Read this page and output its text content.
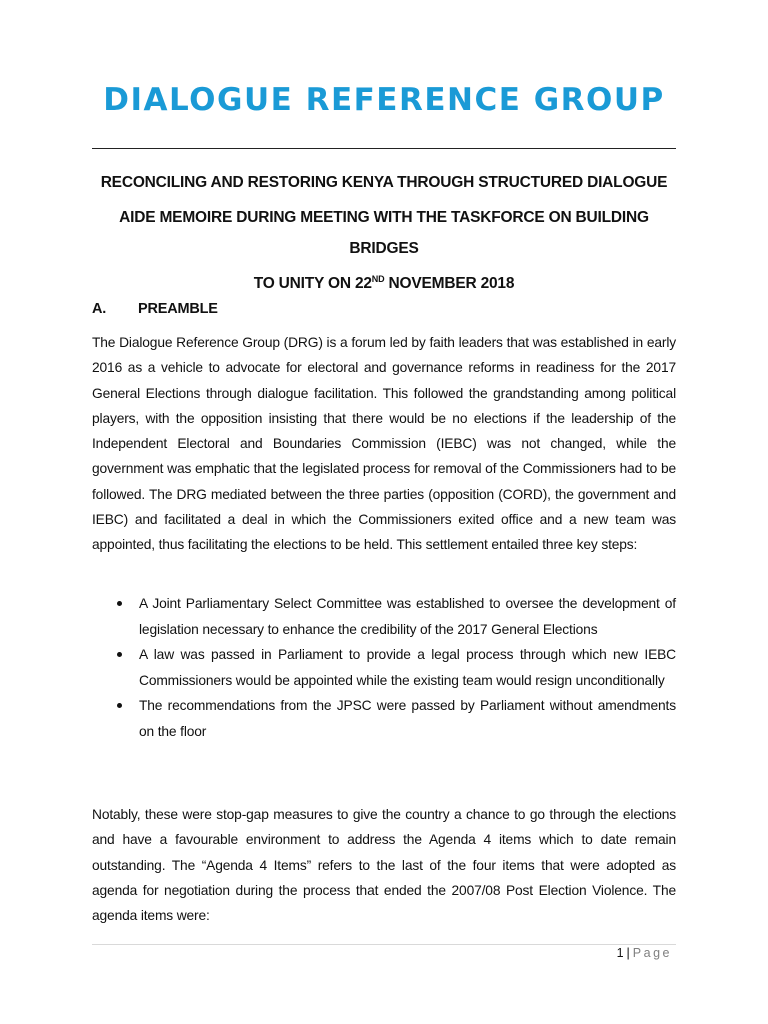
DIALOGUE REFERENCE GROUP

RECONCILING AND RESTORING KENYA THROUGH STRUCTURED DIALOGUE

AIDE MEMOIRE DURING MEETING WITH THE TASKFORCE ON BUILDING BRIDGES
TO UNITY ON 22ND NOVEMBER 2018

A. PREAMBLE

The Dialogue Reference Group (DRG) is a forum led by faith leaders that was established in early 2016 as a vehicle to advocate for electoral and governance reforms in readiness for the 2017 General Elections through dialogue facilitation. This followed the grandstanding among political players, with the opposition insisting that there would be no elections if the leadership of the Independent Electoral and Boundaries Commission (IEBC) was not changed, while the government was emphatic that the legislated process for removal of the Commissioners had to be followed. The DRG mediated between the three parties (opposition (CORD), the government and IEBC) and facilitated a deal in which the Commissioners exited office and a new team was appointed, thus facilitating the elections to be held. This settlement entailed three key steps:

A Joint Parliamentary Select Committee was established to oversee the development of legislation necessary to enhance the credibility of the 2017 General Elections
A law was passed in Parliament to provide a legal process through which new IEBC Commissioners would be appointed while the existing team would resign unconditionally
The recommendations from the JPSC were passed by Parliament without amendments on the floor

Notably, these were stop-gap measures to give the country a chance to go through the elections and have a favourable environment to address the Agenda 4 items which to date remain outstanding. The “Agenda 4 Items” refers to the last of the four items that were adopted as agenda for negotiation during the process that ended the 2007/08 Post Election Violence. The agenda items were:

1 | Page
